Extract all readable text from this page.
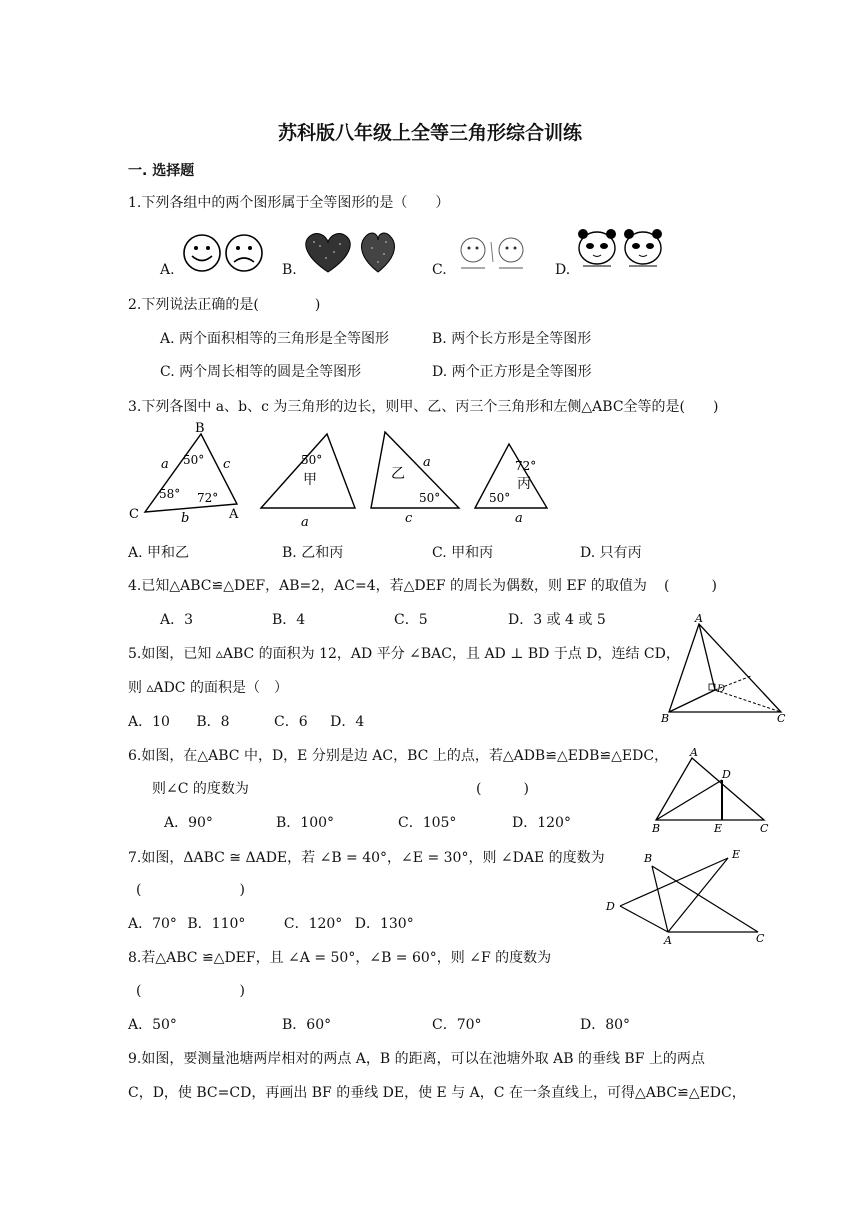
苏科版八年级上全等三角形综合训练
一. 选择题
1.下列各组中的两个图形属于全等图形的是（　　）
A.	B.	C.	D.
2.下列说法正确的是(　　　　)
A. 两个面积相等的三角形是全等图形	B. 两个长方形是全等图形
C. 两个周长相等的圆是全等图形	D. 两个正方形是全等图形
3.下列各图中 a、b、c 为三角形的边长，则甲、乙、丙三个三角形和左侧△ABC全等的是(　　)
B
C	A
a	c
b
50°
58° 72°
50°
甲
a
乙
a
50°
c
72°
丙
50°
a
A. 甲和乙	B. 乙和丙	C. 甲和丙	D. 只有丙
4.已知△ABC≌△DEF，AB=2，AC=4，若△DEF 的周长为偶数，则 EF 的取值为 (　　　)
A．3	B．4	C．5	D．3 或 4 或 5
5.如图，已知 ▵ABC 的面积为 12，AD 平分 ∠BAC，且 AD ⊥ BD 于点 D，连结 CD，
则 ▵ADC 的面积是（　）
A．10 B．8	C．6 D．4
A
B	C
D
6.如图，在△ABC 中，D，E 分别是边 AC，BC 上的点，若△ADB≌△EDB≌△EDC，
则∠C 的度数为	(　　　)
A．90°	B．100°	C．105°	D．120°
A
B	C
D
E
7.如图，ΔABC ≅ ΔADE，若 ∠B = 40°，∠E = 30°，则 ∠DAE 的度数为
(　　　　　　　)
A．70° B．110°	C．120° D．130°
B	E
D
A	C
8.若△ABC ≌△DEF，且 ∠A = 50°，∠B = 60°，则 ∠F 的度数为
(　　　　　　　)
A．50°	B．60°	C．70°	D．80°
9.如图，要测量池塘两岸相对的两点 A，B 的距离，可以在池塘外取 AB 的垂线 BF 上的两点
C，D，使 BC=CD，再画出 BF 的垂线 DE，使 E 与 A，C 在一条直线上，可得△ABC≌△EDC，
